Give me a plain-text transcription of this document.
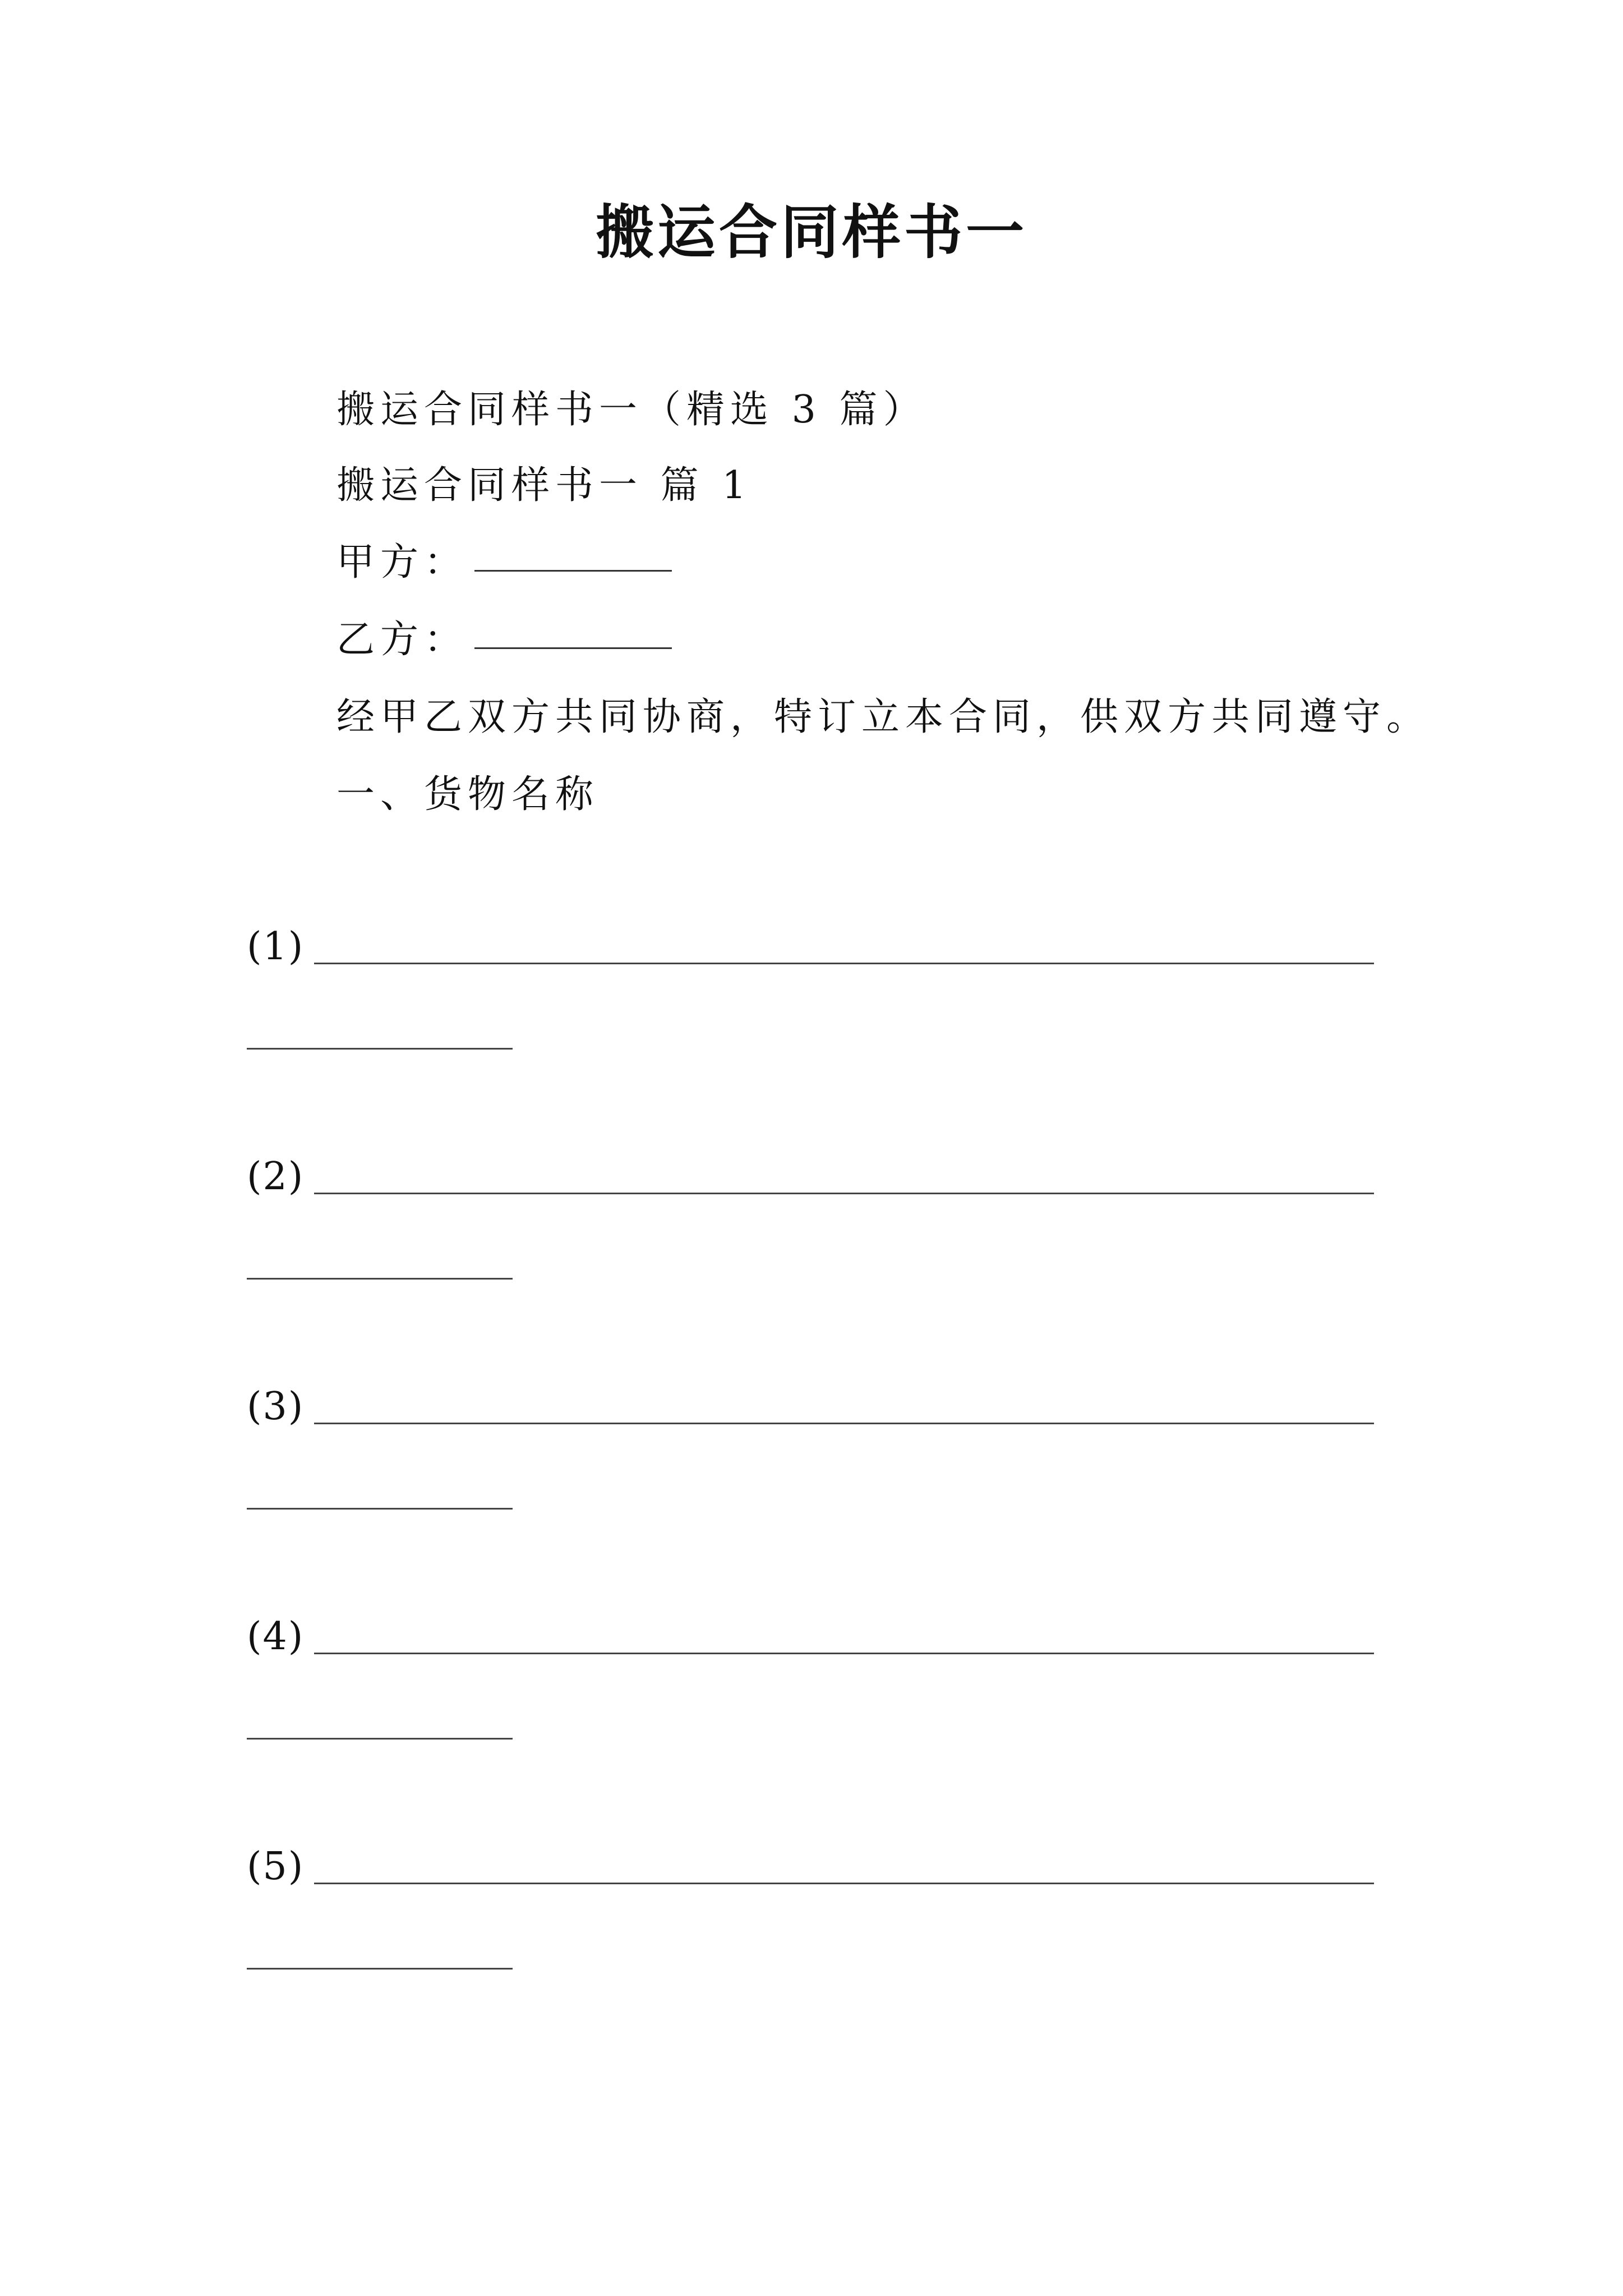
搬运合同样书一
搬运合同样书一（精选 3 篇）
搬运合同样书一 篇 1
甲方：
乙方：
经甲乙双方共同协商，特订立本合同，供双方共同遵守。
一、货物名称
(1)
(2)
(3)
(4)
(5)
